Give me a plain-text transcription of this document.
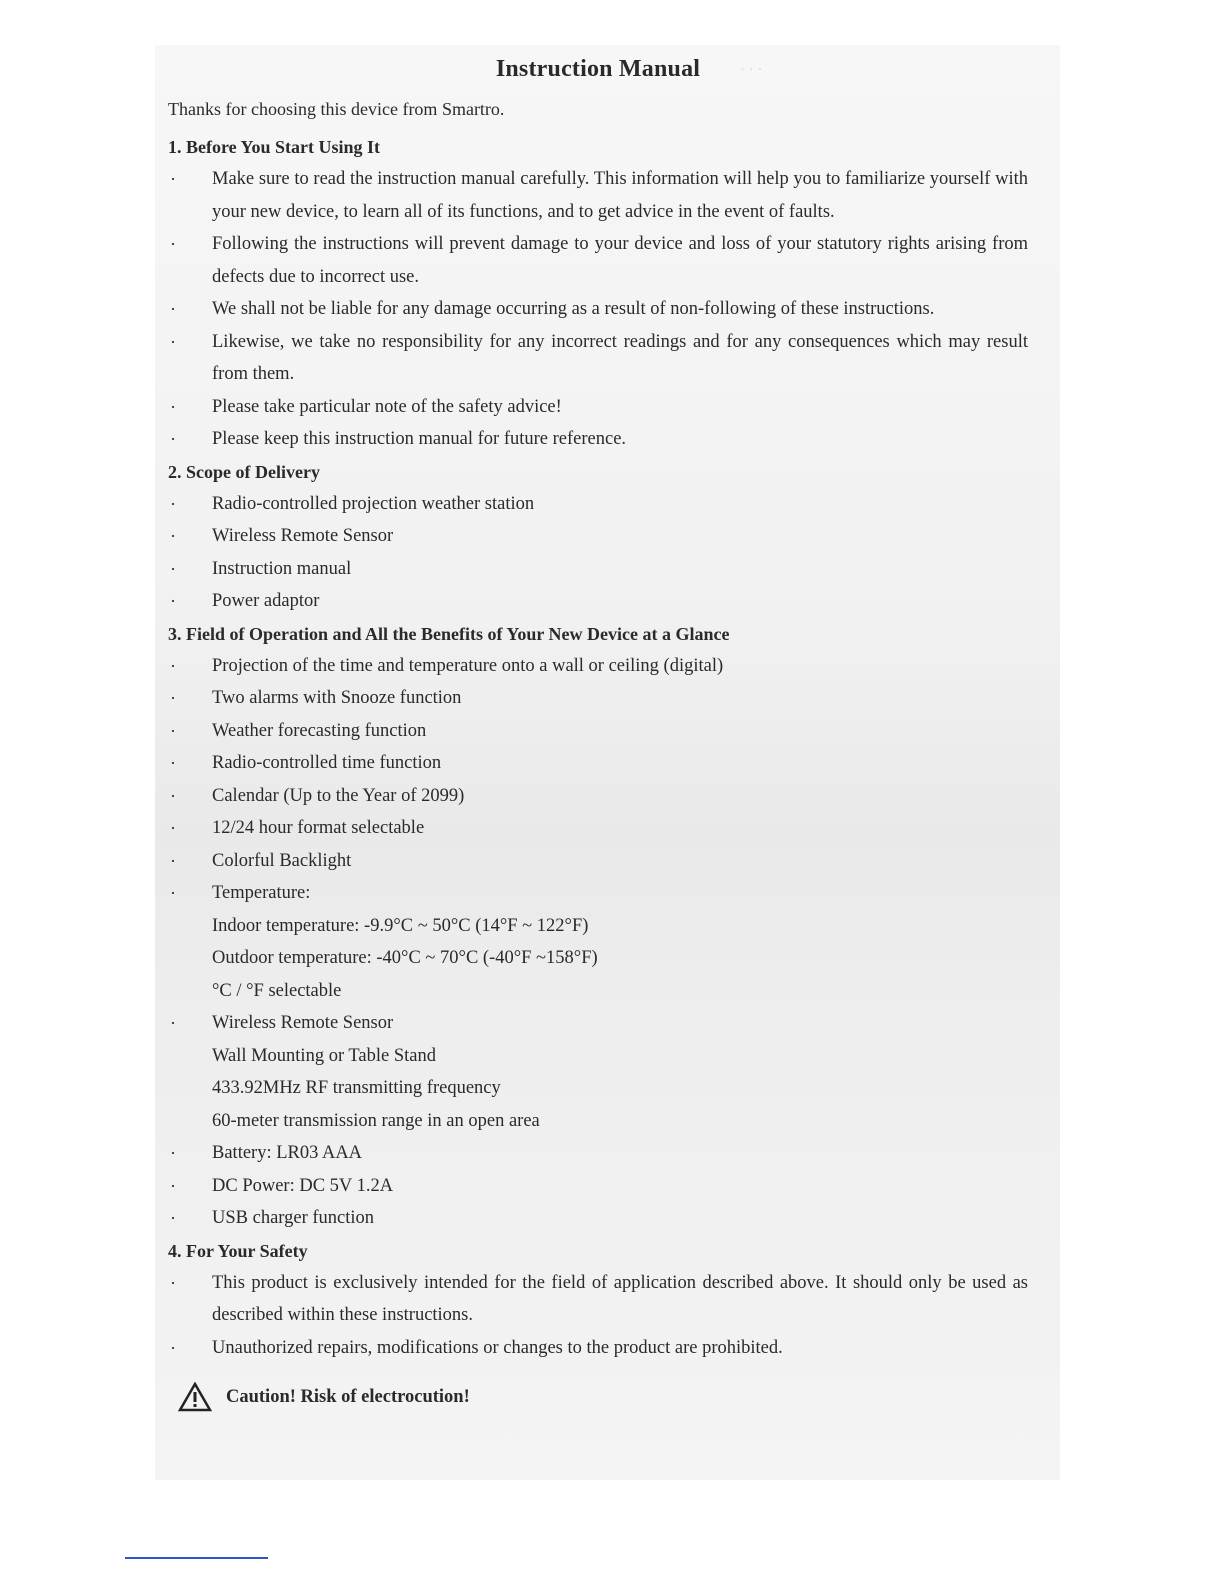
· · ·
Instruction Manual

Thanks for choosing this device from Smartro.

1. Before You Start Using It
· Make sure to read the instruction manual carefully. This information will help you to familiarize yourself with your new device, to learn all of its functions, and to get advice in the event of faults.
· Following the instructions will prevent damage to your device and loss of your statutory rights arising from defects due to incorrect use.
· We shall not be liable for any damage occurring as a result of non-following of these instructions.
· Likewise, we take no responsibility for any incorrect readings and for any consequences which may result from them.
· Please take particular note of the safety advice!
· Please keep this instruction manual for future reference.
2. Scope of Delivery
· Radio-controlled projection weather station
· Wireless Remote Sensor
· Instruction manual
· Power adaptor
3. Field of Operation and All the Benefits of Your New Device at a Glance
· Projection of the time and temperature onto a wall or ceiling (digital)
· Two alarms with Snooze function
· Weather forecasting function
· Radio-controlled time function
· Calendar (Up to the Year of 2099)
· 12/24 hour format selectable
· Colorful Backlight
· Temperature:
Indoor temperature: -9.9°C ~ 50°C (14°F ~ 122°F)
Outdoor temperature: -40°C ~ 70°C (-40°F ~158°F)
°C / °F selectable
· Wireless Remote Sensor
Wall Mounting or Table Stand
433.92MHz RF transmitting frequency
60-meter transmission range in an open area
· Battery: LR03 AAA
· DC Power: DC 5V 1.2A
· USB charger function
4. For Your Safety
· This product is exclusively intended for the field of application described above. It should only be used as described within these instructions.
· Unauthorized repairs, modifications or changes to the product are prohibited.
Caution! Risk of electrocution!
